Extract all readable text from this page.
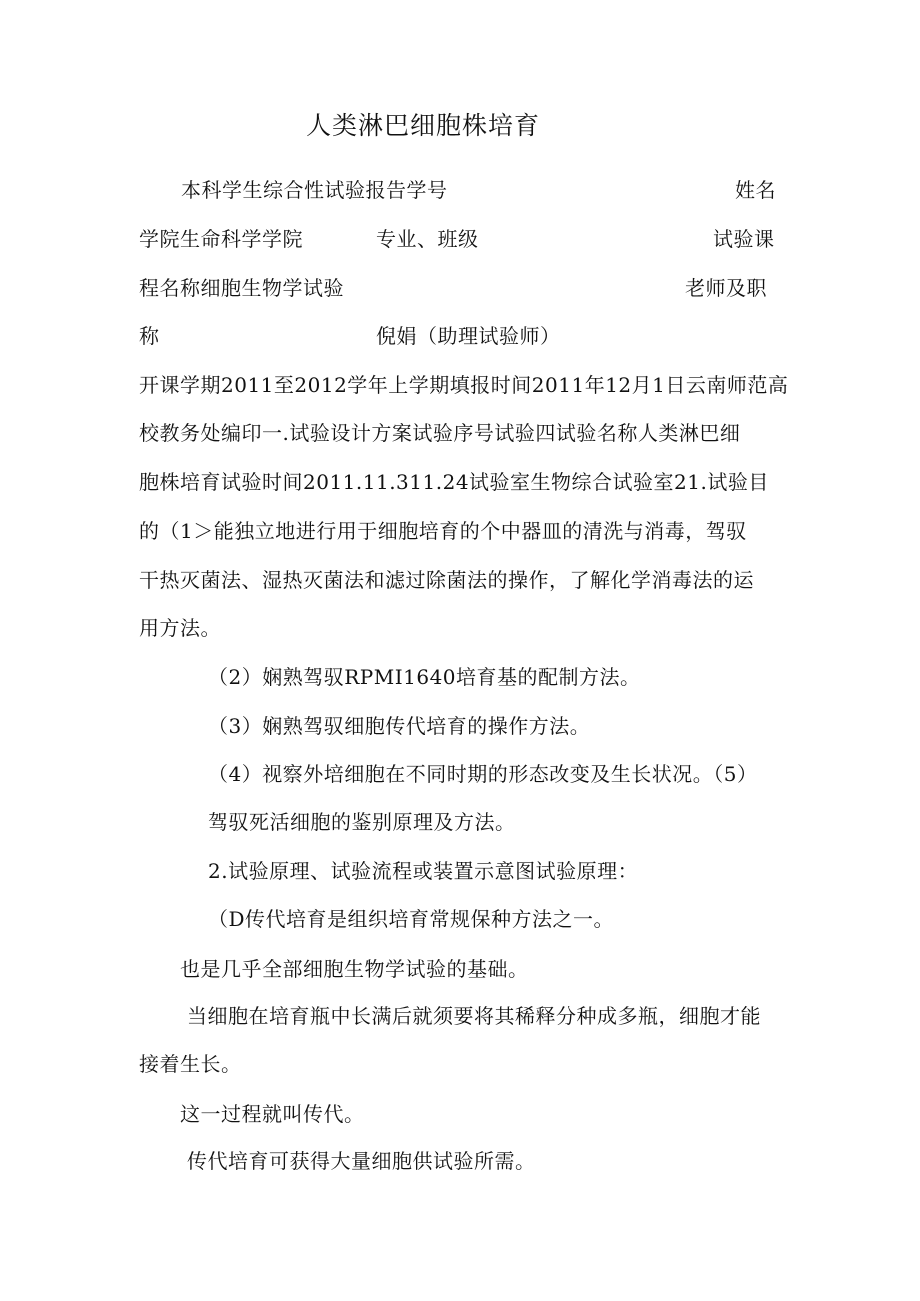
人类淋巴细胞株培育
本科学生综合性试验报告学号	姓名
学院生命科学学院	专业、班级	试验课
程名称细胞生物学试验	老师及职
称	倪娟（助理试验师）
开课学期2011至2012学年上学期填报时间2011年12月1日云南师范高
校教务处编印一.试验设计方案试验序号试验四试验名称人类淋巴细
胞株培育试验时间2011.11.311.24试验室生物综合试验室21.试验目
的（1＞能独立地进行用于细胞培育的个中器皿的清洗与消毒，驾驭
干热灭菌法、湿热灭菌法和滤过除菌法的操作，了解化学消毒法的运
用方法。
（2）娴熟驾驭RPMI1640培育基的配制方法。
（3）娴熟驾驭细胞传代培育的操作方法。
（4）视察外培细胞在不同时期的形态改变及生长状况。（5）
驾驭死活细胞的鉴别原理及方法。
2.试验原理、试验流程或装置示意图试验原理：
（D传代培育是组织培育常规保种方法之一。
也是几乎全部细胞生物学试验的基础。
当细胞在培育瓶中长满后就须要将其稀释分种成多瓶，细胞才能
接着生长。
这一过程就叫传代。
传代培育可获得大量细胞供试验所需。
